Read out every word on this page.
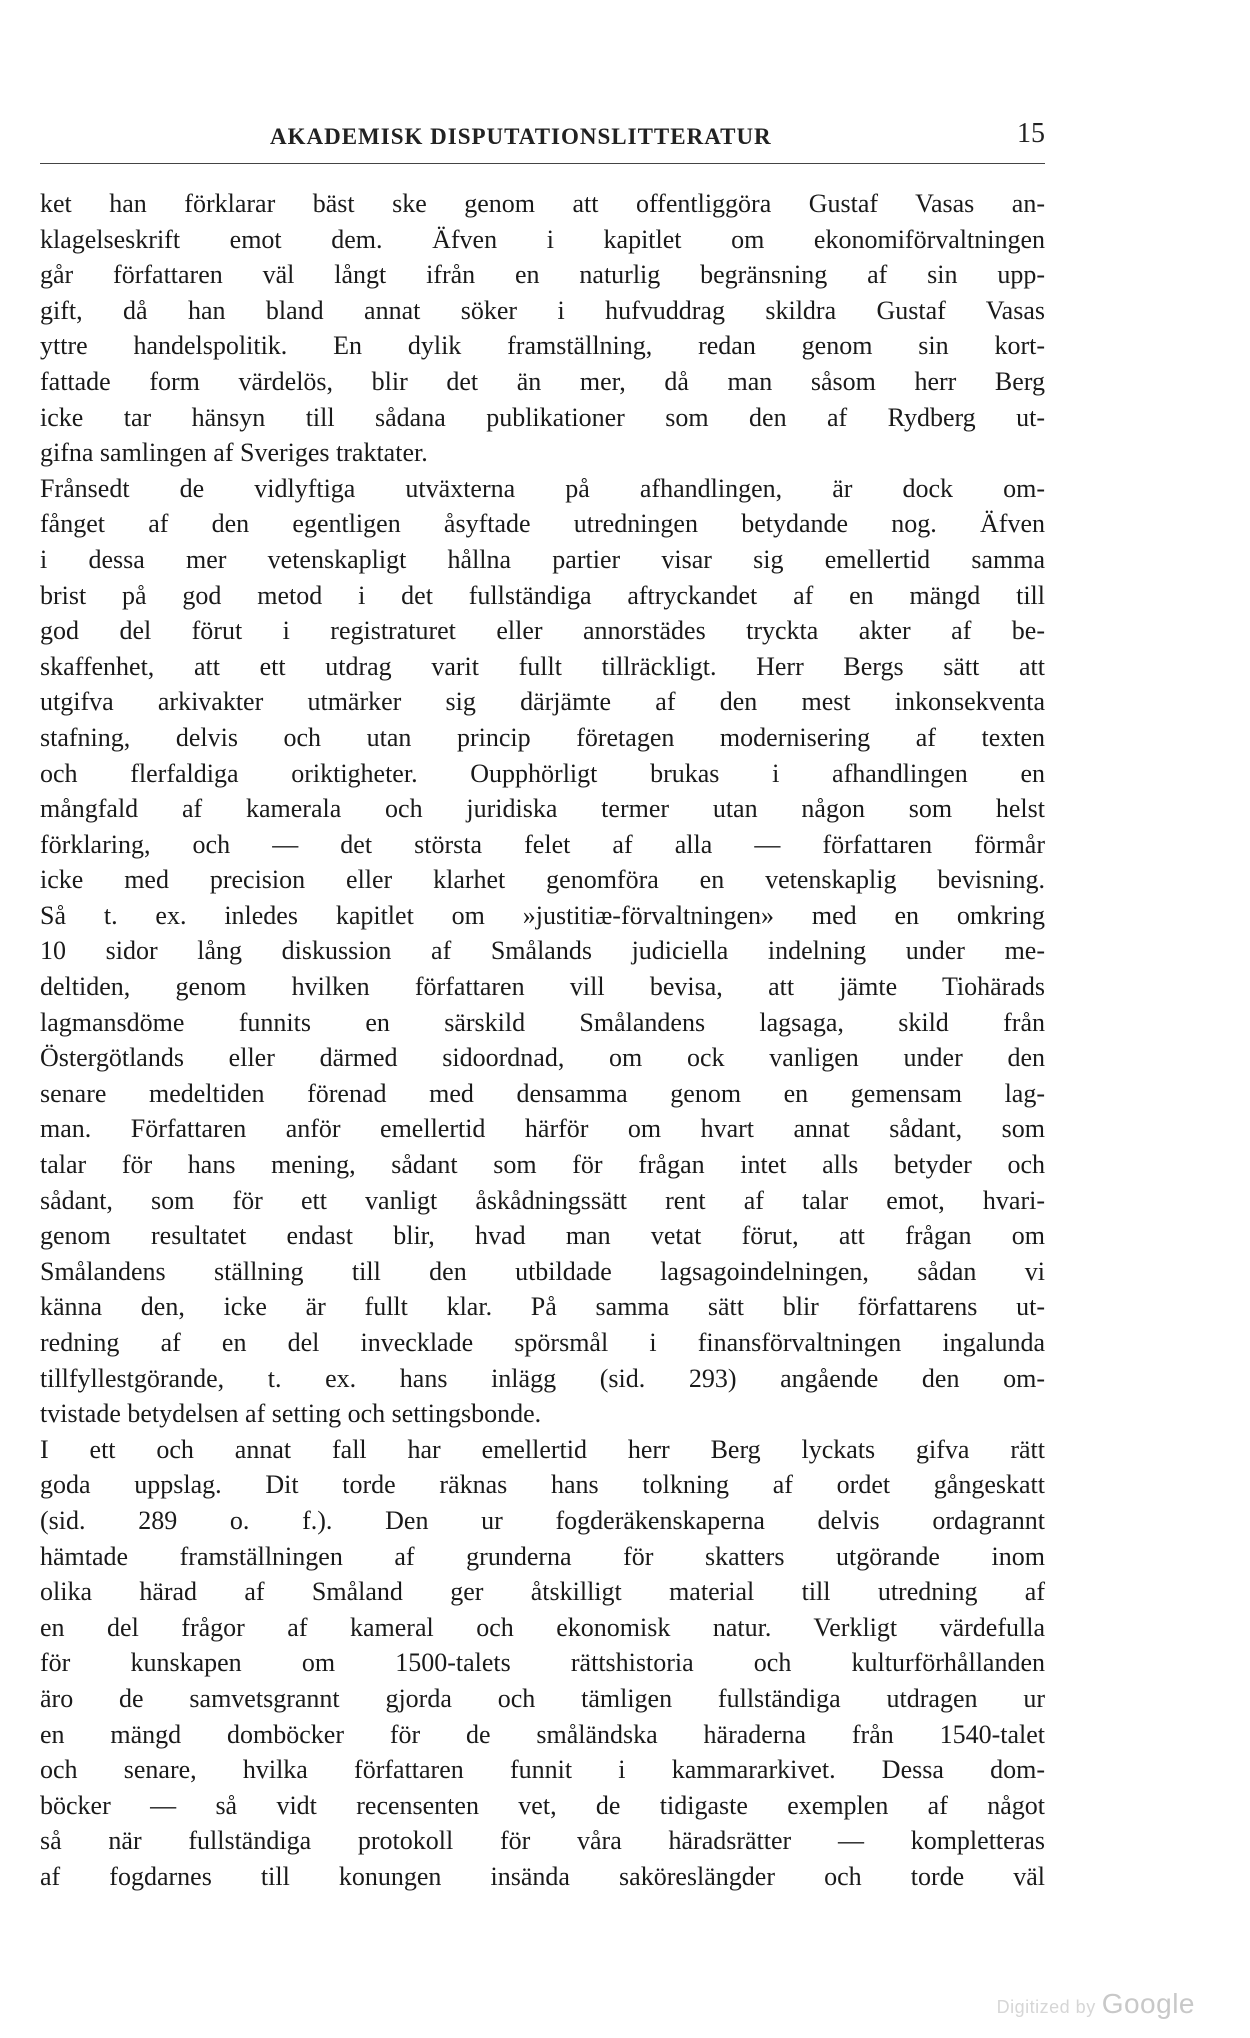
AKADEMISK DISPUTATIONSLITTERATUR	15
ket han förklarar bäst ske genom att offentliggöra Gustaf Vasas an-
klagelseskrift emot dem. Äfven i kapitlet om ekonomiförvaltningen
går författaren väl långt ifrån en naturlig begränsning af sin upp-
gift, då han bland annat söker i hufvuddrag skildra Gustaf Vasas
yttre handelspolitik. En dylik framställning, redan genom sin kort-
fattade form värdelös, blir det än mer, då man såsom herr Berg
icke tar hänsyn till sådana publikationer som den af Rydberg ut-
gifna samlingen af Sveriges traktater.
Frånsedt de vidlyftiga utväxterna på afhandlingen, är dock om-
fånget af den egentligen åsyftade utredningen betydande nog. Äfven
i dessa mer vetenskapligt hållna partier visar sig emellertid samma
brist på god metod i det fullständiga aftryckandet af en mängd till
god del förut i registraturet eller annorstädes tryckta akter af be-
skaffenhet, att ett utdrag varit fullt tillräckligt. Herr Bergs sätt att
utgifva arkivakter utmärker sig därjämte af den mest inkonsekventa
stafning, delvis och utan princip företagen modernisering af texten
och flerfaldiga oriktigheter. Oupphörligt brukas i afhandlingen en
mångfald af kamerala och juridiska termer utan någon som helst
förklaring, och — det största felet af alla — författaren förmår
icke med precision eller klarhet genomföra en vetenskaplig bevisning.
Så t. ex. inledes kapitlet om »justitiæ-förvaltningen» med en omkring
10 sidor lång diskussion af Smålands judiciella indelning under me-
deltiden, genom hvilken författaren vill bevisa, att jämte Tiohärads
lagmansdöme funnits en särskild Smålandens lagsaga, skild från
Östergötlands eller därmed sidoordnad, om ock vanligen under den
senare medeltiden förenad med densamma genom en gemensam lag-
man. Författaren anför emellertid härför om hvart annat sådant, som
talar för hans mening, sådant som för frågan intet alls betyder och
sådant, som för ett vanligt åskådningssätt rent af talar emot, hvari-
genom resultatet endast blir, hvad man vetat förut, att frågan om
Smålandens ställning till den utbildade lagsagoindelningen, sådan vi
känna den, icke är fullt klar. På samma sätt blir författarens ut-
redning af en del invecklade spörsmål i finansförvaltningen ingalunda
tillfyllestgörande, t. ex. hans inlägg (sid. 293) angående den om-
tvistade betydelsen af setting och settingsbonde.
I ett och annat fall har emellertid herr Berg lyckats gifva rätt
goda uppslag. Dit torde räknas hans tolkning af ordet gångeskatt
(sid. 289 o. f.). Den ur fogderäkenskaperna delvis ordagrannt
hämtade framställningen af grunderna för skatters utgörande inom
olika härad af Småland ger åtskilligt material till utredning af
en del frågor af kameral och ekonomisk natur. Verkligt värdefulla
för kunskapen om 1500-talets rättshistoria och kulturförhållanden
äro de samvetsgrannt gjorda och tämligen fullständiga utdragen ur
en mängd domböcker för de småländska häraderna från 1540-talet
och senare, hvilka författaren funnit i kammararkivet. Dessa dom-
böcker — så vidt recensenten vet, de tidigaste exemplen af något
så när fullständiga protokoll för våra häradsrätter — kompletteras
af fogdarnes till konungen insända saköreslängder och torde väl
Digitized by Google
